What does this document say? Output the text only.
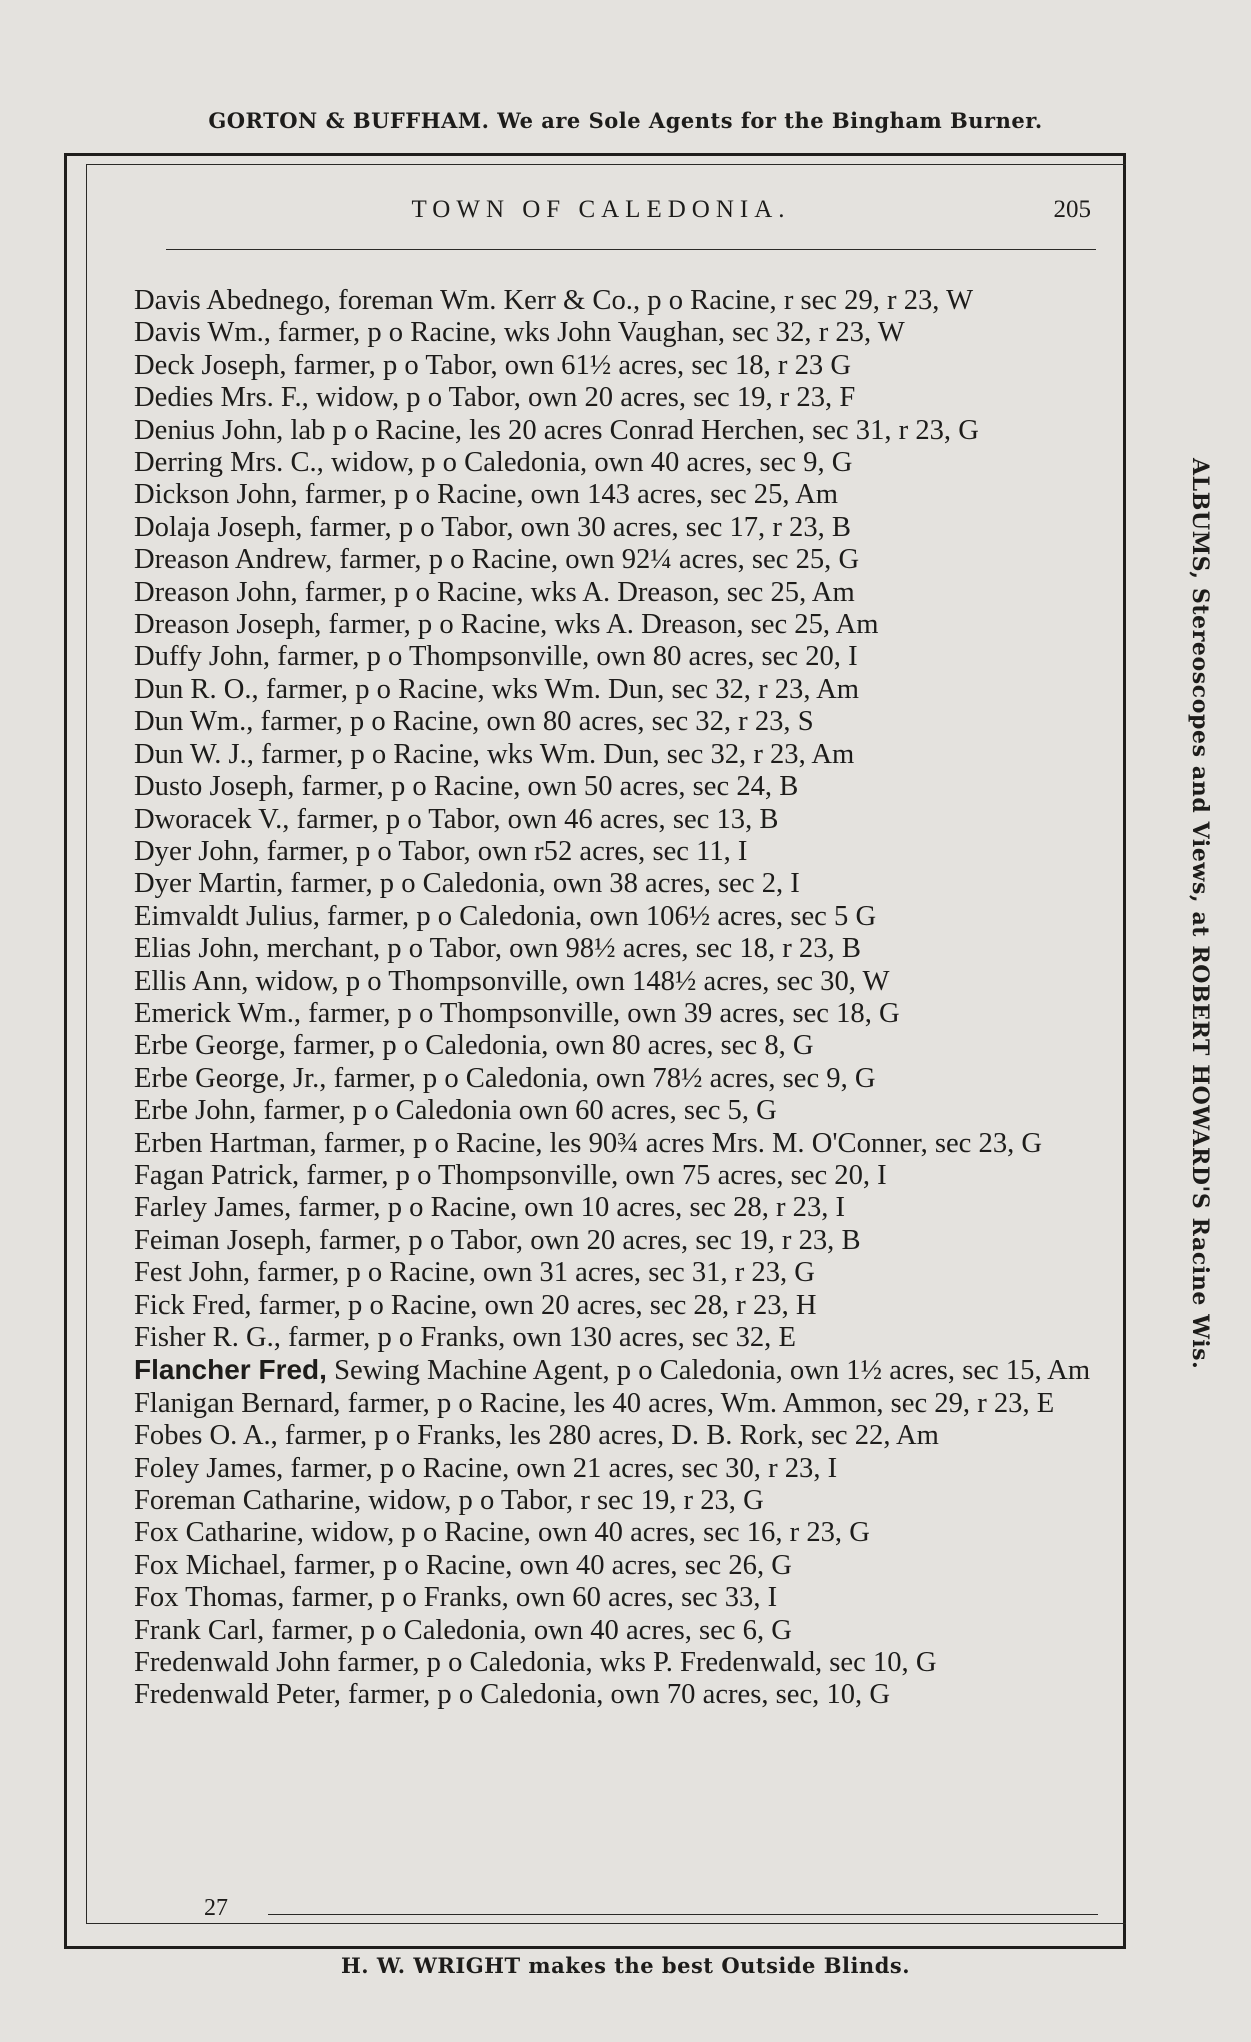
GORTON & BUFFHAM. We are Sole Agents for the Bingham Burner.
TOWN OF CALEDONIA.	205
Davis Abednego, foreman Wm. Kerr & Co., p o Racine, r sec 29, r 23, W
Davis Wm., farmer, p o Racine, wks John Vaughan, sec 32, r 23, W
Deck Joseph, farmer, p o Tabor, own 61½ acres, sec 18, r 23 G
Dedies Mrs. F., widow, p o Tabor, own 20 acres, sec 19, r 23, F
Denius John, lab p o Racine, les 20 acres Conrad Herchen, sec 31, r 23, G
Derring Mrs. C., widow, p o Caledonia, own 40 acres, sec 9, G
Dickson John, farmer, p o Racine, own 143 acres, sec 25, Am
Dolaja Joseph, farmer, p o Tabor, own 30 acres, sec 17, r 23, B
Dreason Andrew, farmer, p o Racine, own 92¼ acres, sec 25, G
Dreason John, farmer, p o Racine, wks A. Dreason, sec 25, Am
Dreason Joseph, farmer, p o Racine, wks A. Dreason, sec 25, Am
Duffy John, farmer, p o Thompsonville, own 80 acres, sec 20, I
Dun R. O., farmer, p o Racine, wks Wm. Dun, sec 32, r 23, Am
Dun Wm., farmer, p o Racine, own 80 acres, sec 32, r 23, S
Dun W. J., farmer, p o Racine, wks Wm. Dun, sec 32, r 23, Am
Dusto Joseph, farmer, p o Racine, own 50 acres, sec 24, B
Dworacek V., farmer, p o Tabor, own 46 acres, sec 13, B
Dyer John, farmer, p o Tabor, own r52 acres, sec 11, I
Dyer Martin, farmer, p o Caledonia, own 38 acres, sec 2, I
Eimvaldt Julius, farmer, p o Caledonia, own 106½ acres, sec 5 G
Elias John, merchant, p o Tabor, own 98½ acres, sec 18, r 23, B
Ellis Ann, widow, p o Thompsonville, own 148½ acres, sec 30, W
Emerick Wm., farmer, p o Thompsonville, own 39 acres, sec 18, G
Erbe George, farmer, p o Caledonia, own 80 acres, sec 8, G
Erbe George, Jr., farmer, p o Caledonia, own 78½ acres, sec 9, G
Erbe John, farmer, p o Caledonia own 60 acres, sec 5, G
Erben Hartman, farmer, p o Racine, les 90¾ acres Mrs. M. O'Conner, sec 23, G
Fagan Patrick, farmer, p o Thompsonville, own 75 acres, sec 20, I
Farley James, farmer, p o Racine, own 10 acres, sec 28, r 23, I
Feiman Joseph, farmer, p o Tabor, own 20 acres, sec 19, r 23, B
Fest John, farmer, p o Racine, own 31 acres, sec 31, r 23, G
Fick Fred, farmer, p o Racine, own 20 acres, sec 28, r 23, H
Fisher R. G., farmer, p o Franks, own 130 acres, sec 32, E
Flancher Fred, Sewing Machine Agent, p o Caledonia, own 1½ acres, sec 15, Am
Flanigan Bernard, farmer, p o Racine, les 40 acres, Wm. Ammon, sec 29, r 23, E
Fobes O. A., farmer, p o Franks, les 280 acres, D. B. Rork, sec 22, Am
Foley James, farmer, p o Racine, own 21 acres, sec 30, r 23, I
Foreman Catharine, widow, p o Tabor, r sec 19, r 23, G
Fox Catharine, widow, p o Racine, own 40 acres, sec 16, r 23, G
Fox Michael, farmer, p o Racine, own 40 acres, sec 26, G
Fox Thomas, farmer, p o Franks, own 60 acres, sec 33, I
Frank Carl, farmer, p o Caledonia, own 40 acres, sec 6, G
Fredenwald John farmer, p o Caledonia, wks P. Fredenwald, sec 10, G
Fredenwald Peter, farmer, p o Caledonia, own 70 acres, sec, 10, G
27
ALBUMS, Stereoscopes and Views, at ROBERT HOWARD'S Racine Wis.
H. W. WRIGHT makes the best Outside Blinds.
